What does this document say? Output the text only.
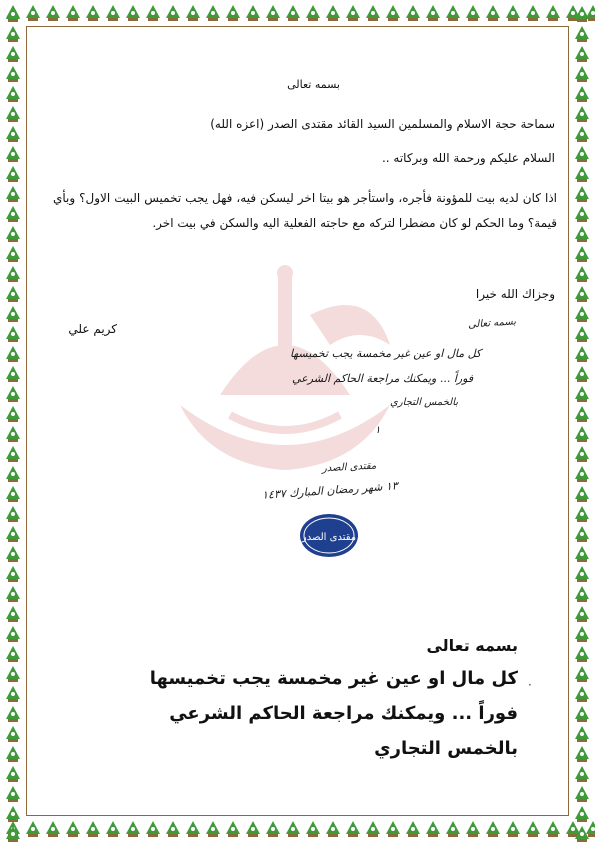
بسمه تعالى
سماحة حجة الاسلام والمسلمين السيد القائد مقتدى الصدر (اعزه الله)
السلام عليكم ورحمة الله وبركاته ..
اذا كان لديه بيت للمؤونة فأجره، واستأجر هو بيتا اخر ليسكن فيه، فهل يجب تخميس البيت الاول؟ وبأي قيمة؟ وما الحكم لو كان مضطرا لتركه مع حاجته الفعلية اليه والسكن في بيت اخر.
وجزاك الله خيرا
كريم علي	بسمه تعالى
كل مال او عين غير مخمسة يجب تخميسها
فوراً ... ويمكنك مراجعة الحاكم الشرعي
بالخمس التجاري
١
مقتدى الصدر
١٣ شهر رمضان المبارك ١٤٣٧
مقتدى الصدر
بسمه تعالى
·
كل مال او عين غير مخمسة يجب تخميسها
فوراً ... ويمكنك مراجعة الحاكم الشرعي
بالخمس التجاري
